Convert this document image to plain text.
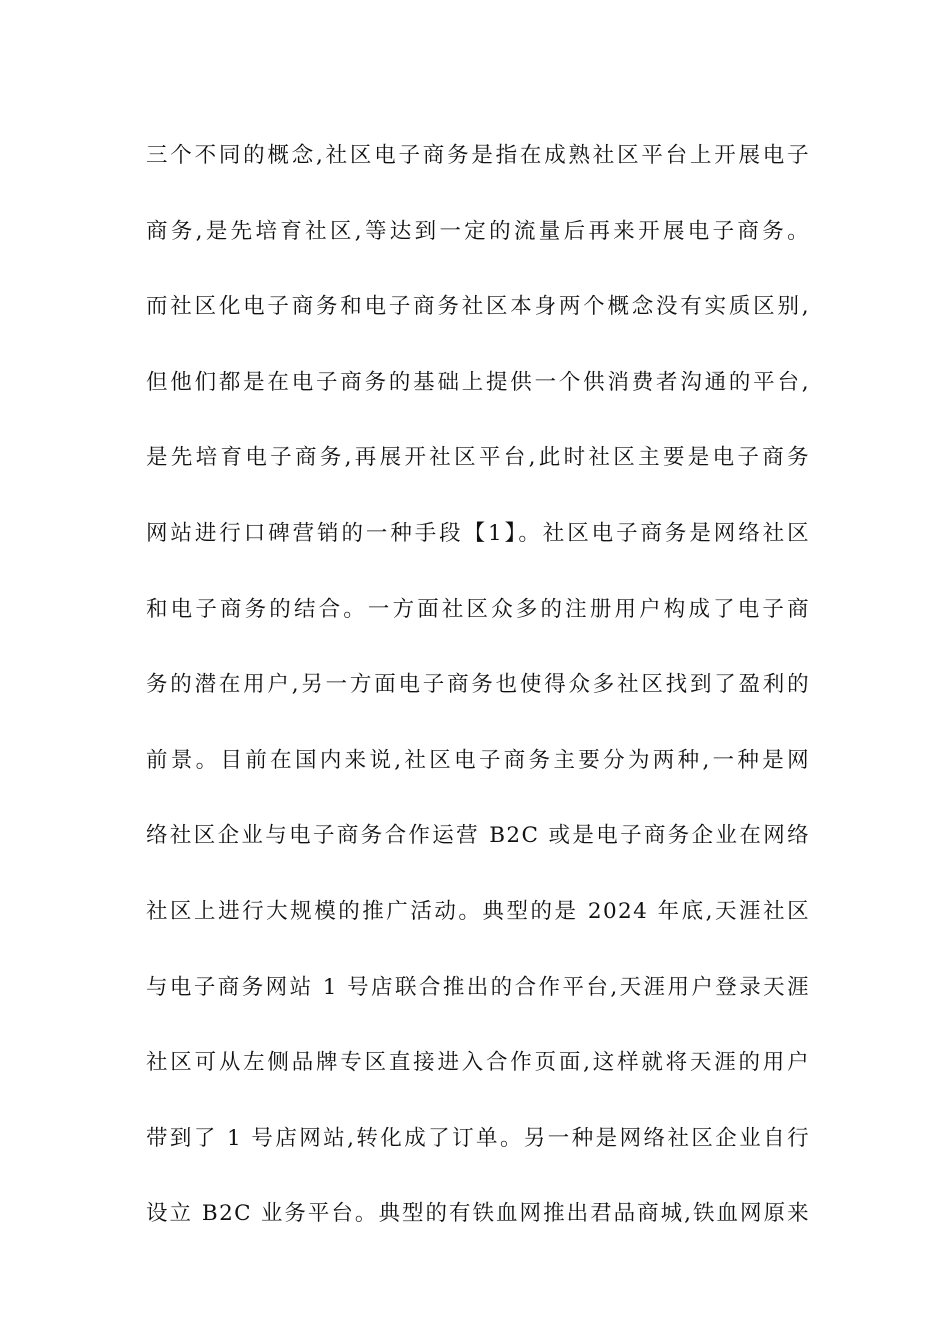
三个不同的概念,社区电子商务是指在成熟社区平台上开展电子
商务,是先培育社区,等达到一定的流量后再来开展电子商务。
而社区化电子商务和电子商务社区本身两个概念没有实质区别,
但他们都是在电子商务的基础上提供一个供消费者沟通的平台,
是先培育电子商务,再展开社区平台,此时社区主要是电子商务
网站进行口碑营销的一种手段【1】。社区电子商务是网络社区
和电子商务的结合。一方面社区众多的注册用户构成了电子商
务的潜在用户,另一方面电子商务也使得众多社区找到了盈利的
前景。目前在国内来说,社区电子商务主要分为两种,一种是网
络社区企业与电子商务合作运营 B2C 或是电子商务企业在网络
社区上进行大规模的推广活动。典型的是 2024 年底,天涯社区
与电子商务网站 1 号店联合推出的合作平台,天涯用户登录天涯
社区可从左侧品牌专区直接进入合作页面,这样就将天涯的用户
带到了 1 号店网站,转化成了订单。另一种是网络社区企业自行
设立 B2C 业务平台。典型的有铁血网推出君品商城,铁血网原来
